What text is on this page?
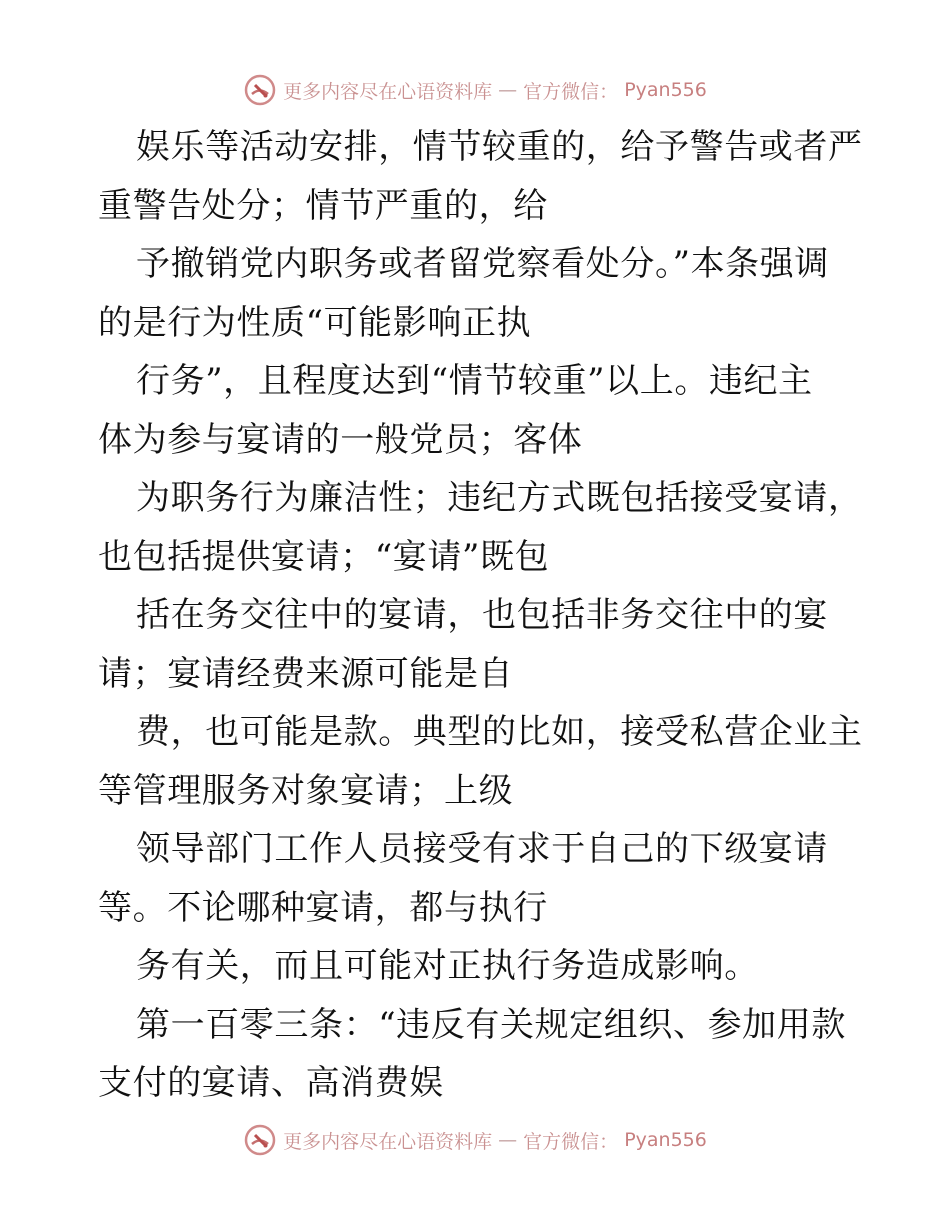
更多内容尽在心语资料库 — 官方微信： Pyan556
娱乐等活动安排，情节较重的，给予警告或者严
重警告处分；情节严重的，给
予撤销党内职务或者留党察看处分。”本条强调
的是行为性质“可能影响正执
行务”，且程度达到“情节较重”以上。违纪主
体为参与宴请的一般党员；客体
为职务行为廉洁性；违纪方式既包括接受宴请，
也包括提供宴请；“宴请”既包
括在务交往中的宴请，也包括非务交往中的宴
请；宴请经费来源可能是自
费，也可能是款。典型的比如，接受私营企业主
等管理服务对象宴请；上级
领导部门工作人员接受有求于自己的下级宴请
等。不论哪种宴请，都与执行
务有关，而且可能对正执行务造成影响。
第一百零三条：“违反有关规定组织、参加用款
支付的宴请、高消费娱
更多内容尽在心语资料库 — 官方微信： Pyan556
